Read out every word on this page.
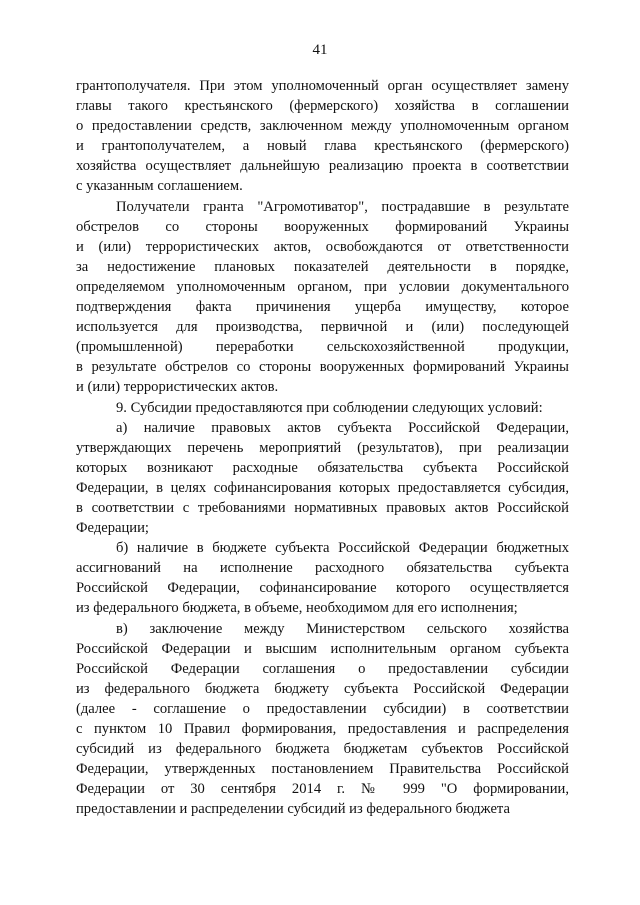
41
грантополучателя. При этом уполномоченный орган осуществляет замену
главы такого крестьянского (фермерского) хозяйства в соглашении
о предоставлении средств, заключенном между уполномоченным органом
и грантополучателем, а новый глава крестьянского (фермерского)
хозяйства осуществляет дальнейшую реализацию проекта в соответствии
с указанным соглашением.
Получатели гранта "Агромотиватор", пострадавшие в результате
обстрелов со стороны вооруженных формирований Украины
и (или) террористических актов, освобождаются от ответственности
за недостижение плановых показателей деятельности в порядке,
определяемом уполномоченным органом, при условии документального
подтверждения факта причинения ущерба имуществу, которое
используется для производства, первичной и (или) последующей
(промышленной) переработки сельскохозяйственной продукции,
в результате обстрелов со стороны вооруженных формирований Украины
и (или) террористических актов.
9. Субсидии предоставляются при соблюдении следующих условий:
а) наличие правовых актов субъекта Российской Федерации,
утверждающих перечень мероприятий (результатов), при реализации
которых возникают расходные обязательства субъекта Российской
Федерации, в целях софинансирования которых предоставляется субсидия,
в соответствии с требованиями нормативных правовых актов Российской
Федерации;
б) наличие в бюджете субъекта Российской Федерации бюджетных
ассигнований на исполнение расходного обязательства субъекта
Российской Федерации, софинансирование которого осуществляется
из федерального бюджета, в объеме, необходимом для его исполнения;
в) заключение между Министерством сельского хозяйства
Российской Федерации и высшим исполнительным органом субъекта
Российской Федерации соглашения о предоставлении субсидии
из федерального бюджета бюджету субъекта Российской Федерации
(далее - соглашение о предоставлении субсидии) в соответствии
с пунктом 10 Правил формирования, предоставления и распределения
субсидий из федерального бюджета бюджетам субъектов Российской
Федерации, утвержденных постановлением Правительства Российской
Федерации от 30 сентября 2014 г. № 999 "О формировании,
предоставлении и распределении субсидий из федерального бюджета
